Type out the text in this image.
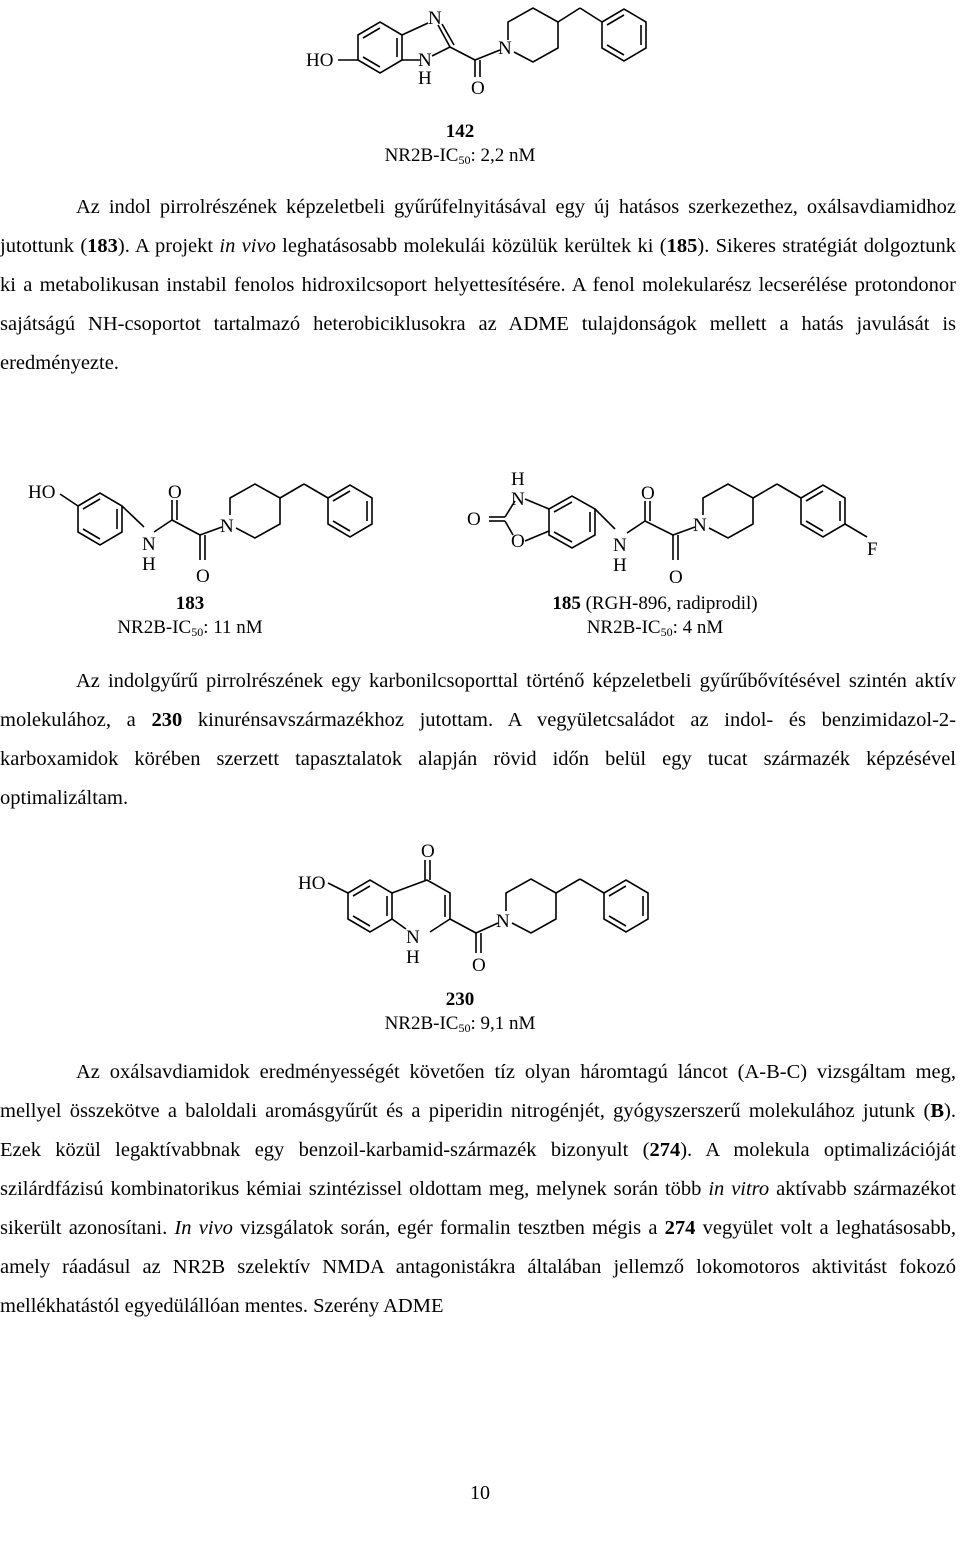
HO
N
N
H O
N
142
$NR2B-IC_{50}$: 2,2 nM

Az indol pirrolrészének képzeletbeli gyűrűfelnyitásával egy új hatásos szerkezethez, oxálsavdiamidhoz jutottunk (183). A projekt in vivo leghatásosabb molekulái közülük kerültek ki (185). Sikeres stratégiát dolgoztunk ki a metabolikusan instabil fenolos hidroxilcsoport helyettesítésére. A fenol molekularész lecserélése protondonor sajátságú NH-csoportot tartalmazó heterobiciklusokra az ADME tulajdonságok mellett a hatás javulását is eredményezte.

HO
N
H
O
O
N
183
$NR2B-IC_{50}$: 11 nM
H
N
O
O	N
H
O
O
N
F
185 (RGH-896, radiprodil)
$NR2B-IC_{50}$: 4 nM

Az indolgyűrű pirrolrészének egy karbonilcsoporttal történő képzeletbeli gyűrűbővítésével szintén aktív molekulához, a 230 kinurénsavszármazékhoz jutottam. A vegyületcsaládot az indol- és benzimidazol-2-karboxamidok körében szerzett tapasztalatok alapján rövid időn belül egy tucat származék képzésével optimalizáltam.

O
HO
N
H	O
N
230
$NR2B-IC_{50}$: 9,1 nM

Az oxálsavdiamidok eredményességét követően tíz olyan háromtagú láncot (A-B-C) vizsgáltam meg, mellyel összekötve a baloldali aromásgyűrűt és a piperidin nitrogénjét, gyógyszerszerű molekulához jutunk (B). Ezek közül legaktívabbnak egy benzoil-karbamid-származék bizonyult (274). A molekula optimalizációját szilárdfázisú kombinatorikus kémiai szintézissel oldottam meg, melynek során több in vitro aktívabb származékot sikerült azonosítani. In vivo vizsgálatok során, egér formalin tesztben mégis a 274 vegyület volt a leghatásosabb, amely ráadásul az NR2B szelektív NMDA antagonistákra általában jellemző lokomotoros aktivitást fokozó mellékhatástól egyedülállóan mentes. Szerény ADME

10
